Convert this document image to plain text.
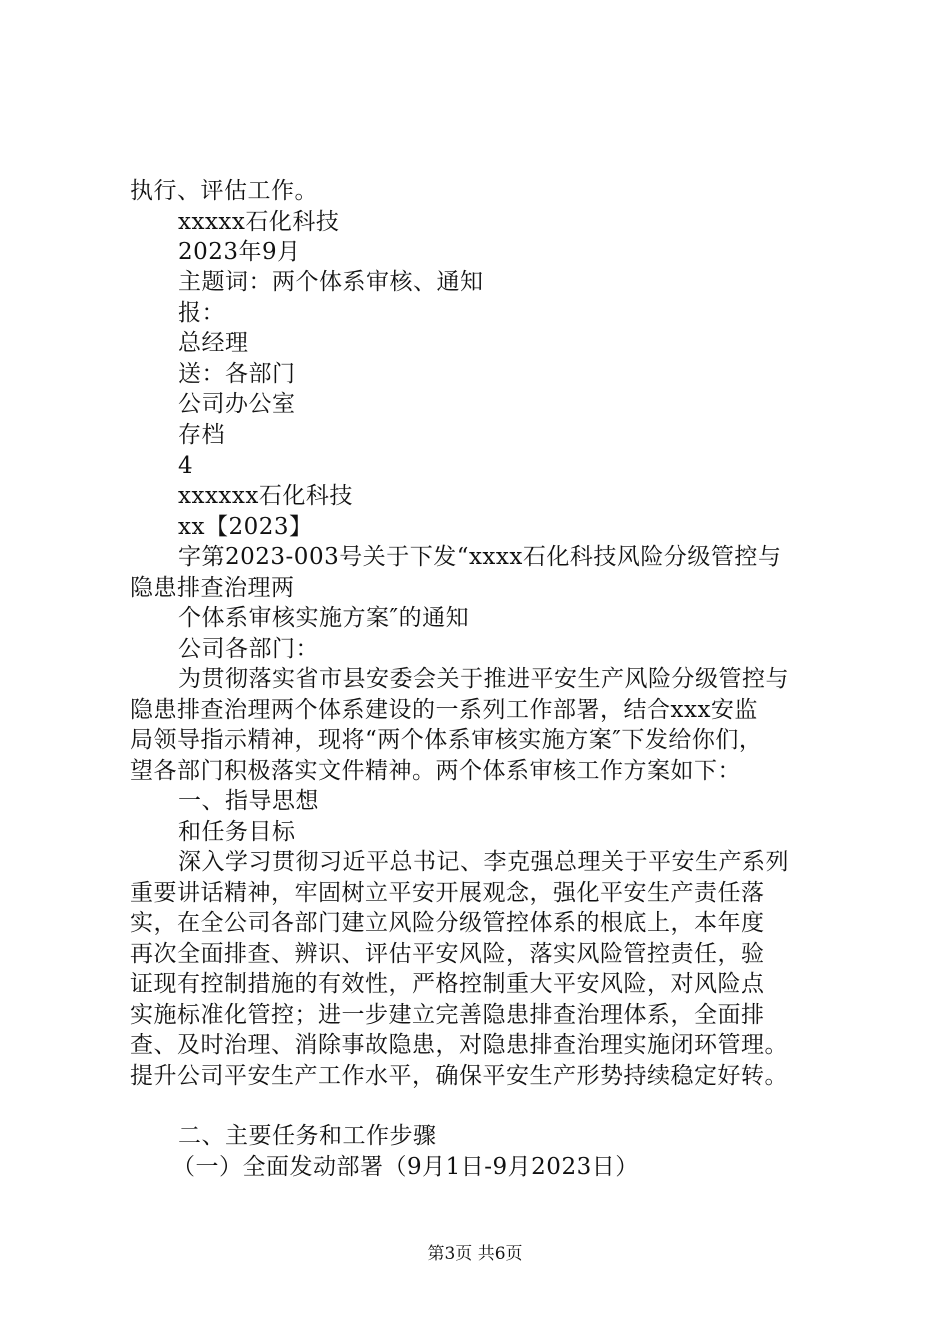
执行、评估工作。
xxxxx石化科技
2023年9月
主题词：两个体系审核、通知
报：
总经理
送：各部门
公司办公室
存档
4
xxxxxx石化科技
xx【2023】
字第2023-003号关于下发“xxxx石化科技风险分级管控与
隐患排查治理两
个体系审核实施方案″的通知
公司各部门：
为贯彻落实省市县安委会关于推进平安生产风险分级管控与
隐患排查治理两个体系建设的一系列工作部署，结合xxx安监
局领导指示精神，现将“两个体系审核实施方案″下发给你们，
望各部门积极落实文件精神。两个体系审核工作方案如下：
一、指导思想
和任务目标
深入学习贯彻习近平总书记、李克强总理关于平安生产系列
重要讲话精神，牢固树立平安开展观念，强化平安生产责任落
实，在全公司各部门建立风险分级管控体系的根底上，本年度
再次全面排查、辨识、评估平安风险，落实风险管控责任，验
证现有控制措施的有效性，严格控制重大平安风险，对风险点
实施标准化管控；进一步建立完善隐患排查治理体系，全面排
查、及时治理、消除事故隐患，对隐患排查治理实施闭环管理。
提升公司平安生产工作水平，确保平安生产形势持续稳定好转。
二、主要任务和工作步骤
（一）全面发动部署（9月1日-9月2023日）
第3页 共6页
